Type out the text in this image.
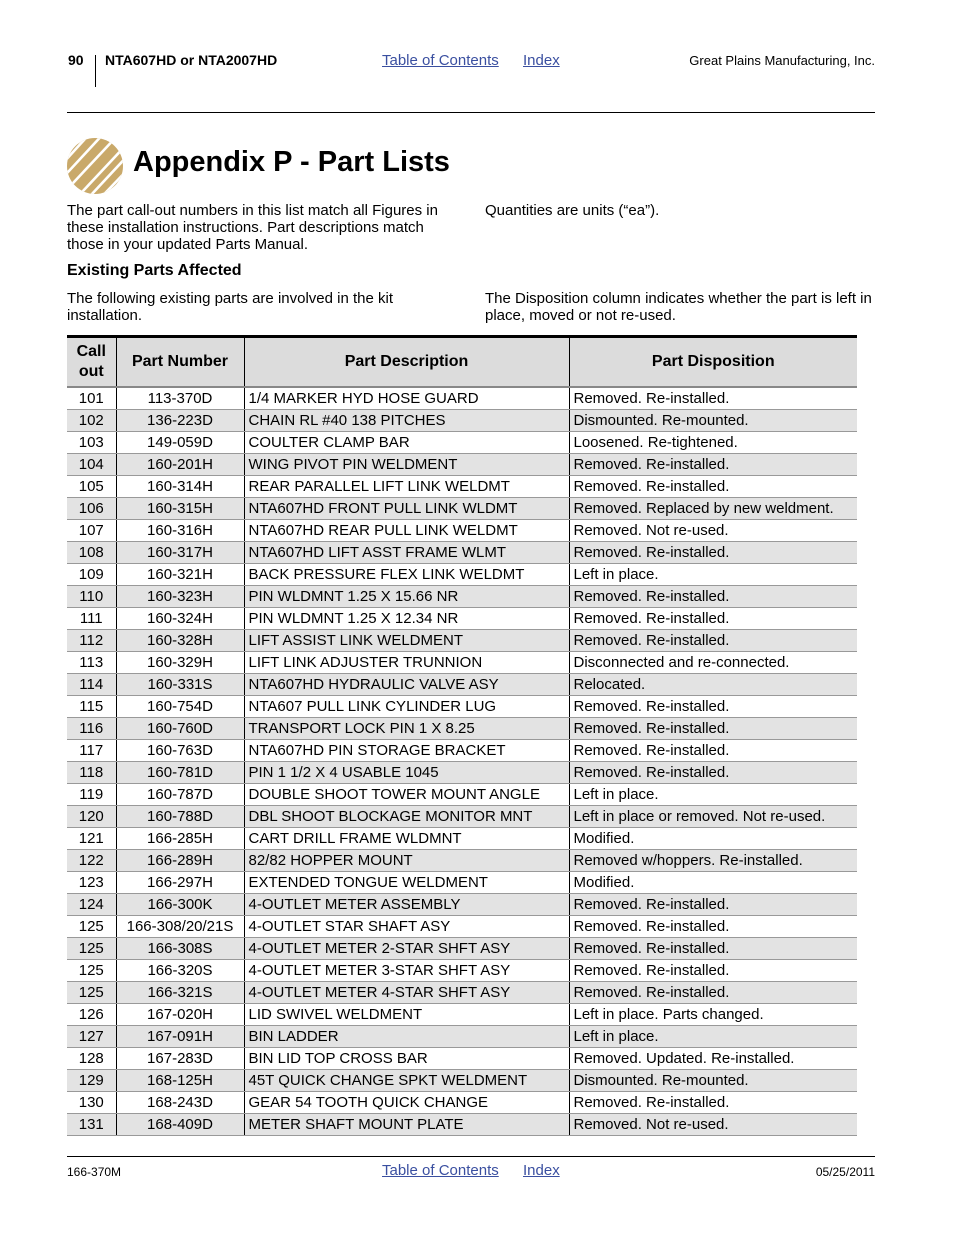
90 NTA607HD or NTA2007HD	Table of Contents Index	Great Plains Manufacturing, Inc.
Appendix P - Part Lists
The part call-out numbers in this list match all Figures in these installation instructions. Part descriptions match those in your updated Parts Manual.
Quantities are units (“ea”).
Existing Parts Affected
The following existing parts are involved in the kit installation.
The Disposition column indicates whether the part is left in place, moved or not re-used.
Call out	Part Number	Part Description	Part Disposition
101	113-370D	1/4 MARKER HYD HOSE GUARD	Removed. Re-installed.
102	136-223D	CHAIN RL #40 138 PITCHES	Dismounted. Re-mounted.
103	149-059D	COULTER CLAMP BAR	Loosened. Re-tightened.
104	160-201H	WING PIVOT PIN WELDMENT	Removed. Re-installed.
105	160-314H	REAR PARALLEL LIFT LINK WELDMT	Removed. Re-installed.
106	160-315H	NTA607HD FRONT PULL LINK WLDMT	Removed. Replaced by new weldment.
107	160-316H	NTA607HD REAR PULL LINK WELDMT	Removed. Not re-used.
108	160-317H	NTA607HD LIFT ASST FRAME WLMT	Removed. Re-installed.
109	160-321H	BACK PRESSURE FLEX LINK WELDMT	Left in place.
110	160-323H	PIN WLDMNT 1.25 X 15.66 NR	Removed. Re-installed.
111	160-324H	PIN WLDMNT 1.25 X 12.34 NR	Removed. Re-installed.
112	160-328H	LIFT ASSIST LINK WELDMENT	Removed. Re-installed.
113	160-329H	LIFT LINK ADJUSTER TRUNNION	Disconnected and re-connected.
114	160-331S	NTA607HD HYDRAULIC VALVE ASY	Relocated.
115	160-754D	NTA607 PULL LINK CYLINDER LUG	Removed. Re-installed.
116	160-760D	TRANSPORT LOCK PIN 1 X 8.25	Removed. Re-installed.
117	160-763D	NTA607HD PIN STORAGE BRACKET	Removed. Re-installed.
118	160-781D	PIN 1 1/2 X 4 USABLE 1045	Removed. Re-installed.
119	160-787D	DOUBLE SHOOT TOWER MOUNT ANGLE	Left in place.
120	160-788D	DBL SHOOT BLOCKAGE MONITOR MNT	Left in place or removed. Not re-used.
121	166-285H	CART DRILL FRAME WLDMNT	Modified.
122	166-289H	82/82 HOPPER MOUNT	Removed w/hoppers. Re-installed.
123	166-297H	EXTENDED TONGUE WELDMENT	Modified.
124	166-300K	4-OUTLET METER ASSEMBLY	Removed. Re-installed.
125	166-308/20/21S	4-OUTLET STAR SHAFT ASY	Removed. Re-installed.
125	166-308S	4-OUTLET METER 2-STAR SHFT ASY	Removed. Re-installed.
125	166-320S	4-OUTLET METER 3-STAR SHFT ASY	Removed. Re-installed.
125	166-321S	4-OUTLET METER 4-STAR SHFT ASY	Removed. Re-installed.
126	167-020H	LID SWIVEL WELDMENT	Left in place. Parts changed.
127	167-091H	BIN LADDER	Left in place.
128	167-283D	BIN LID TOP CROSS BAR	Removed. Updated. Re-installed.
129	168-125H	45T QUICK CHANGE SPKT WELDMENT	Dismounted. Re-mounted.
130	168-243D	GEAR 54 TOOTH QUICK CHANGE	Removed. Re-installed.
131	168-409D	METER SHAFT MOUNT PLATE	Removed. Not re-used.
166-370M	Table of Contents Index	05/25/2011
